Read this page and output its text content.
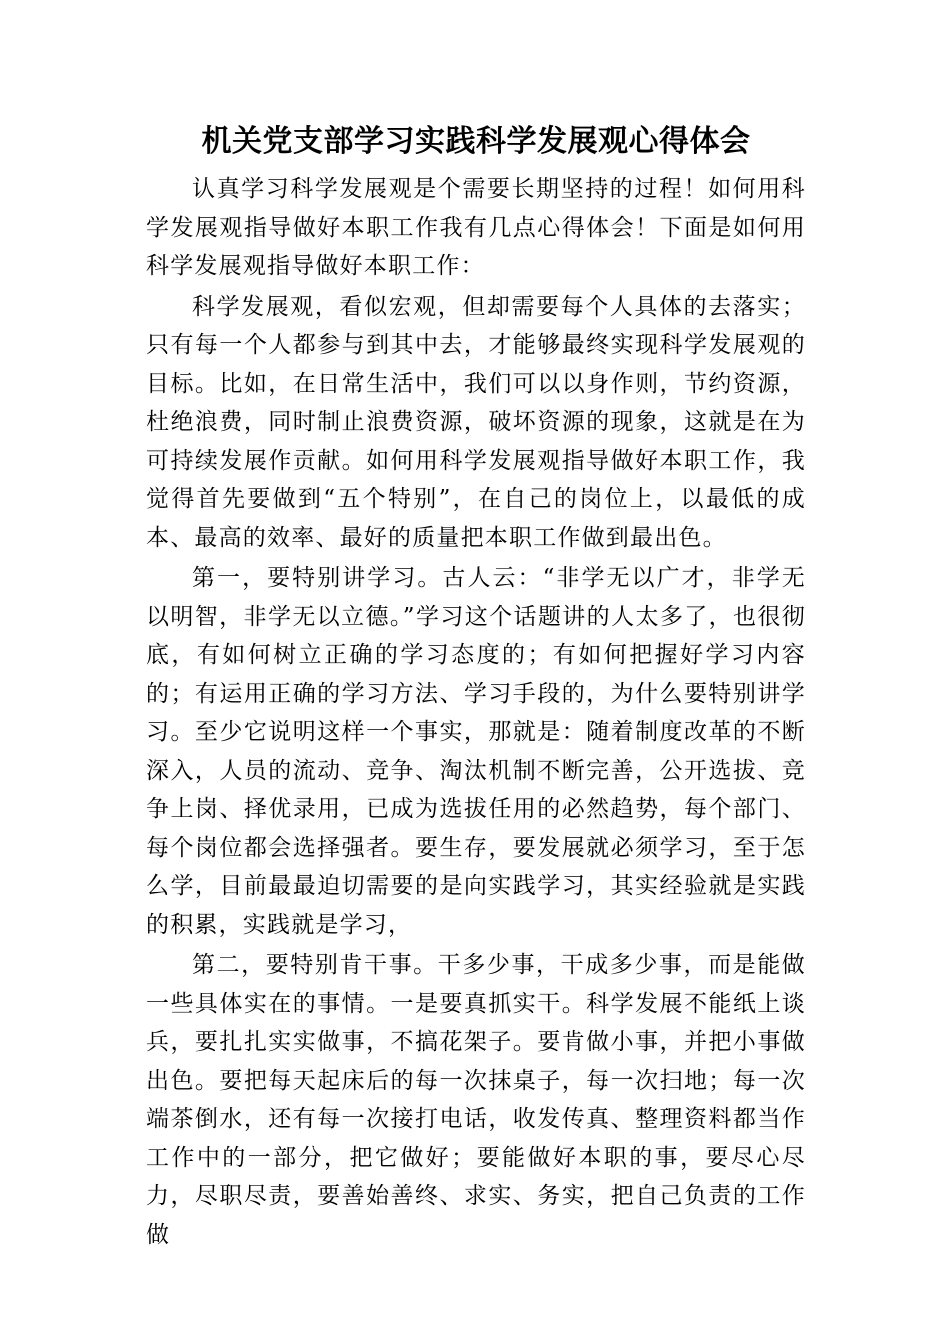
机关党支部学习实践科学发展观心得体会

认真学习科学发展观是个需要长期坚持的过程！如何用科学发展观指导做好本职工作我有几点心得体会！下面是如何用科学发展观指导做好本职工作：

科学发展观，看似宏观，但却需要每个人具体的去落实；只有每一个人都参与到其中去，才能够最终实现科学发展观的目标。比如，在日常生活中，我们可以以身作则，节约资源，杜绝浪费，同时制止浪费资源，破坏资源的现象，这就是在为可持续发展作贡献。如何用科学发展观指导做好本职工作，我觉得首先要做到“五个特别”，在自己的岗位上，以最低的成本、最高的效率、最好的质量把本职工作做到最出色。

第一，要特别讲学习。古人云：“非学无以广才，非学无以明智，非学无以立德。”学习这个话题讲的人太多了，也很彻底，有如何树立正确的学习态度的；有如何把握好学习内容的；有运用正确的学习方法、学习手段的，为什么要特别讲学习。至少它说明这样一个事实，那就是：随着制度改革的不断深入，人员的流动、竞争、淘汰机制不断完善，公开选拔、竞争上岗、择优录用，已成为选拔任用的必然趋势，每个部门、每个岗位都会选择强者。要生存，要发展就必须学习，至于怎么学，目前最最迫切需要的是向实践学习，其实经验就是实践的积累，实践就是学习，

第二，要特别肯干事。干多少事，干成多少事，而是能做一些具体实在的事情。一是要真抓实干。科学发展不能纸上谈兵，要扎扎实实做事，不搞花架子。要肯做小事，并把小事做出色。要把每天起床后的每一次抹桌子，每一次扫地；每一次端茶倒水，还有每一次接打电话，收发传真、整理资料都当作工作中的一部分，把它做好；要能做好本职的事，要尽心尽力，尽职尽责，要善始善终、求实、务实，把自己负责的工作做
